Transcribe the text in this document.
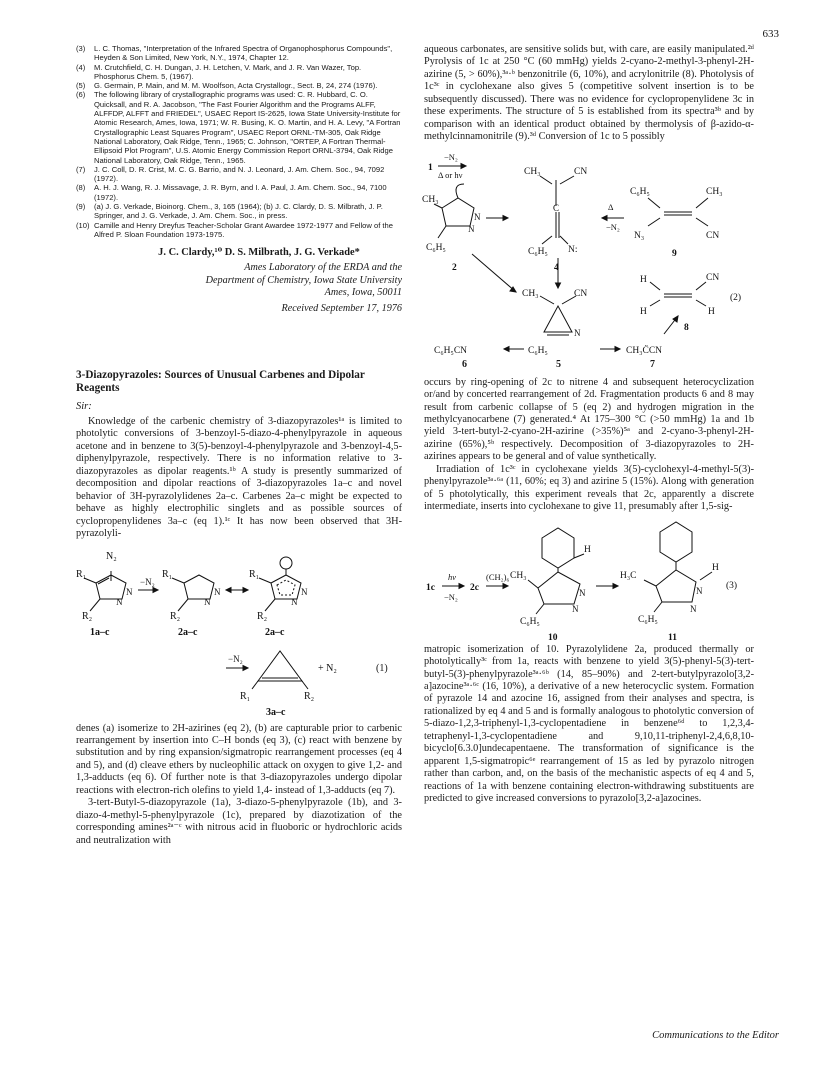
633
(3)	L. C. Thomas, "Interpretation of the Infrared Spectra of Organophosphorus Compounds", Heyden & Son Limited, New York, N.Y., 1974, Chapter 12.
(4)	M. Crutchfield, C. H. Dungan, J. H. Letchen, V. Mark, and J. R. Van Wazer, Top. Phosphorus Chem. 5, (1967).
(5)	G. Germain, P. Main, and M. M. Woolfson, Acta Crystallogr., Sect. B, 24, 274 (1976).
(6)	The following library of crystallographic programs was used: C. R. Hubbard, C. O. Quicksall, and R. A. Jacobson, "The Fast Fourier Algorithm and the Programs ALFF, ALFFDP, ALFFT and FRIEDEL", USAEC Report IS-2625, Iowa State University-Institute for Atomic Research, Ames, Iowa, 1971; W. R. Busing, K. O. Martin, and H. A. Levy, "A Fortran Crystallographic Least Squares Program", USAEC Report ORNL-TM-305, Oak Ridge National Laboratory, Oak Ridge, Tenn., 1965; C. Johnson, "ORTEP, A Fortran Thermal-Ellipsoid Plot Program", U.S. Atomic Energy Commission Report ORNL-3794, Oak Ridge National Laboratory, Oak Ridge, Tenn., 1965.
(7)	J. C. Coll, D. R. Crist, M. C. G. Barrio, and N. J. Leonard, J. Am. Chem. Soc., 94, 7092 (1972).
(8)	A. H. J. Wang, R. J. Missavage, J. R. Byrn, and I. A. Paul, J. Am. Chem. Soc., 94, 7100 (1972).
(9)	(a) J. G. Verkade, Bioinorg. Chem., 3, 165 (1964); (b) J. C. Clardy, D. S. Milbrath, J. P. Springer, and J. G. Verkade, J. Am. Chem. Soc., in press.
(10) Camille and Henry Dreyfus Teacher-Scholar Grant Awardee 1972-1977 and Fellow of the Alfred P. Sloan Foundation 1973-1975.
J. C. Clardy,¹⁰ D. S. Milbrath, J. G. Verkade*
Ames Laboratory of the ERDA and the
Department of Chemistry, Iowa State University
Ames, Iowa, 50011
Received September 17, 1976
3-Diazopyrazoles: Sources of Unusual Carbenes and Dipolar Reagents
Sir:

Knowledge of the carbenic chemistry of 3-diazopyrazoles¹ᵃ is limited to photolytic conversions of 3-benzoyl-5-diazo-4-phenylpyrazole in aqueous acetone and in benzene to 3(5)-benzoyl-4-phenylpyrazole and 3-benzoyl-4,5-diphenylpyrazole, respectively. There is no information relative to 3-diazopyrazoles as dipolar reagents.¹ᵇ A study is presently summarized of decomposition and dipolar reactions of 3-diazopyrazoles 1a–c and novel behavior of 3H-pyrazolylidenes 2a–c. Carbenes 2a–c might be expected to behave as highly electrophilic singlets and as possible sources of cyclopropenylidenes 3a–c (eq 1).¹ᶜ It has now been observed that 3H-pyrazolyli-

N₂
R₁
N
N
R₂
1a–c
−N₂
R₁
N
N
R₂
2a–c
R₁
N
N
R₂
2a–c
−N₂
R₁	R₂
3a–c
+ N₂	(1)

denes (a) isomerize to 2H-azirines (eq 2), (b) are capturable prior to carbenic rearrangement by insertion into C–H bonds (eq 3), (c) react with benzene by substitution and by ring expansion/sigmatropic rearrangement processes (eq 4 and 5), and (d) cleave ethers by nucleophilic attack on oxygen to give 1,2- and 1,3-adducts (eq 6). Of further note is that 3-diazopyrazoles undergo dipolar reactions with electron-rich olefins to yield 1,4- instead of 1,3-adducts (eq 7).

3-tert-Butyl-5-diazopyrazole (1a), 3-diazo-5-phenylpyrazole (1b), and 3-diazo-4-methyl-5-phenylpyrazole (1c), prepared by diazotization of the corresponding amines²ᵃ⁻ᶜ with nitrous acid in fluoboric or hydrochloric acids and neutralization with

aqueous carbonates, are sensitive solids but, with care, are easily manipulated.²ᵈ Pyrolysis of 1c at 250 °C (60 mmHg) yields 2-cyano-2-methyl-3-phenyl-2H-azirine (5, > 60%),³ᵃ·ᵇ benzonitrile (6, 10%), and acrylonitrile (8). Photolysis of 1c³ᶜ in cyclohexane also gives 5 (competitive solvent insertion is to be subsequently discussed). There was no evidence for cyclopropenylidene 3c in these experiments. The structure of 5 is established from its spectra³ᵇ and by comparison with an identical product obtained by thermolysis of β-azido-α-methylcinnamonitrile (9).³ᵈ Conversion of 1c to 5 possibly

−N₂
Δ or hν
1
CH₃
N
N
C₆H₅
2
CH₃	CN
C
C₆H₅ N:
4
Δ
−N₂
C₆H₅	CH₃
N₃	CN
9
H	CN
H	H
(2)
8
CH₃	CN
N
C₆H₅CN	C₆H₅	CH₃C̈CN
6	5	7

occurs by ring-opening of 2c to nitrene 4 and subsequent heterocyclization or/and by concerted rearrangement of 2d. Fragmentation products 6 and 8 may result from carbenic collapse of 5 (eq 2) and hydrogen migration in the methylcyanocarbene (7) generated.⁴ At 175–300 °C (>50 mmHg) 1a and 1b yield 3-tert-butyl-2-cyano-2H-azirine (>35%)⁵ᵃ and 2-cyano-3-phenyl-2H-azirine (65%),⁵ᵇ respectively. Decomposition of 3-diazopyrazoles to 2H-azirines appears to be general and of value synthetically.

Irradiation of 1c³ᶜ in cyclohexane yields 3(5)-cyclohexyl-4-methyl-5(3)-phenylpyrazole³ᵃ·⁶ᵃ (11, 60%; eq 3) and azirine 5 (15%). Along with generation of 5 photolytically, this experiment reveals that 2c, apparently a discrete intermediate, inserts into cyclohexane to give 11, presumably after 1,5-sig-

1c
hν
−N₂
2c
(CH₂)₆ CH₃
H
N
N
C₆H₅
10
H₃C
H
N
N
C₆H₅
(3)
11

matropic isomerization of 10. Pyrazolylidene 2a, produced thermally or photolytically³ᶜ from 1a, reacts with benzene to yield 3(5)-phenyl-5(3)-tert-butyl-5(3)-phenylpyrazole³ᵃ·⁶ᵇ (14, 85–90%) and 2-tert-butylpyrazolo[3,2-a]azocine³ᵃ·⁶ᶜ (16, 10%), a derivative of a new heterocyclic system. Formation of pyrazole 14 and azocine 16, assigned from their analyses and spectra, is rationalized by eq 4 and 5 and is formally analogous to photolytic conversion of 5-diazo-1,2,3-triphenyl-1,3-cyclopentadiene in benzene⁶ᵈ to 1,2,3,4-tetraphenyl-1,3-cyclopentadiene and 9,10,11-triphenyl-2,4,6,8,10-bicyclo[6.3.0]undecapentaene. The transformation of significance is the apparent 1,5-sigmatropic⁶ᵉ rearrangement of 15 as led by pyrazolo nitrogen rather than carbon, and, on the basis of the mechanistic aspects of eq 4 and 5, reactions of 1a with benzene containing electron-withdrawing substituents are predicted to give increased conversions to pyrazolo[3,2-a]azocines.

Communications to the Editor
